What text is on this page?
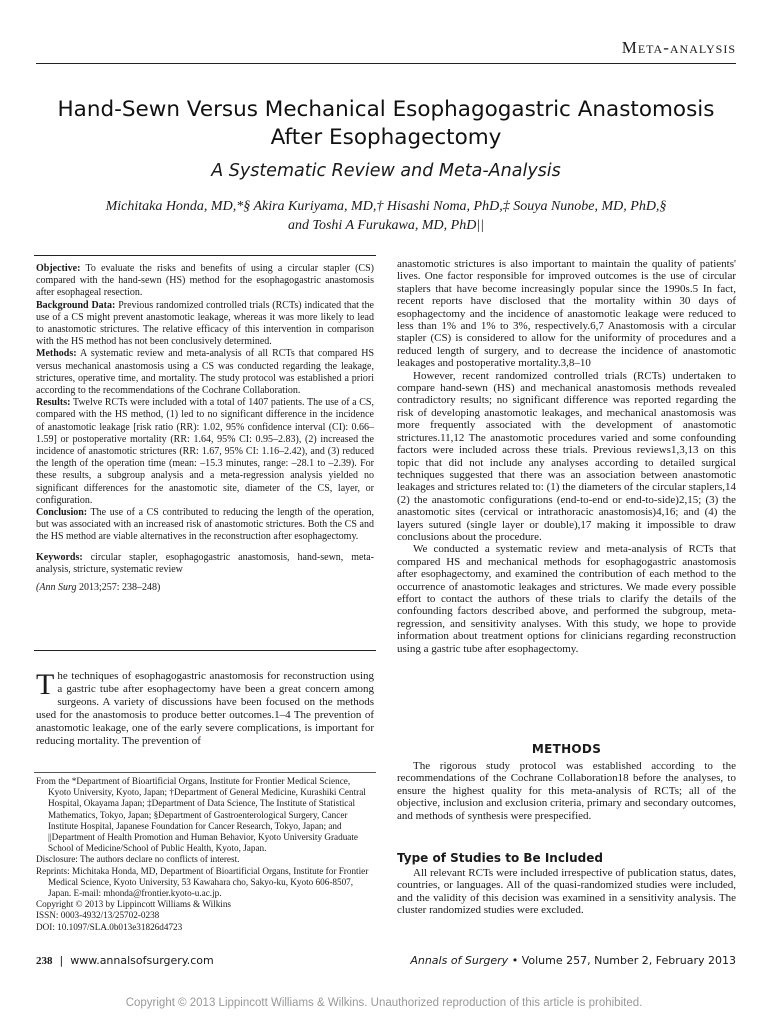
Meta-analysis
Hand-Sewn Versus Mechanical Esophagogastric Anastomosis
After Esophagectomy
A Systematic Review and Meta-Analysis
Michitaka Honda, MD,*§ Akira Kuriyama, MD,† Hisashi Noma, PhD,‡ Souya Nunobe, MD, PhD,§
and Toshi A Furukawa, MD, PhD||

Objective: To evaluate the risks and benefits of using a circular stapler (CS) compared with the hand-sewn (HS) method for the esophagogastric anastomosis after esophageal resection.

Background Data: Previous randomized controlled trials (RCTs) indicated that the use of a CS might prevent anastomotic leakage, whereas it was more likely to lead to anastomotic strictures. The relative efficacy of this intervention in comparison with the HS method has not been conclusively determined.

Methods: A systematic review and meta-analysis of all RCTs that compared HS versus mechanical anastomosis using a CS was conducted regarding the leakage, strictures, operative time, and mortality. The study protocol was established a priori according to the recommendations of the Cochrane Collaboration.

Results: Twelve RCTs were included with a total of 1407 patients. The use of a CS, compared with the HS method, (1) led to no significant difference in the incidence of anastomotic leakage [risk ratio (RR): 1.02, 95% confidence interval (CI): 0.66–1.59] or postoperative mortality (RR: 1.64, 95% CI: 0.95–2.83), (2) increased the incidence of anastomotic strictures (RR: 1.67, 95% CI: 1.16–2.42), and (3) reduced the length of the operation time (mean: –15.3 minutes, range: –28.1 to –2.39). For these results, a subgroup analysis and a meta-regression analysis yielded no significant differences for the anastomotic site, diameter of the CS, layer, or configuration.

Conclusion: The use of a CS contributed to reducing the length of the operation, but was associated with an increased risk of anastomotic strictures. Both the CS and the HS method are viable alternatives in the reconstruction after esophagectomy.

Keywords: circular stapler, esophagogastric anastomosis, hand-sewn, meta-analysis, stricture, systematic review

(Ann Surg 2013;257: 238–248)

The techniques of esophagogastric anastomosis for reconstruction using a gastric tube after esophagectomy have been a great concern among surgeons. A variety of discussions have been focused on the methods used for the anastomosis to produce better outcomes.1–4 The prevention of anastomotic leakage, one of the early severe complications, is important for reducing mortality. The prevention of

From the *Department of Bioartificial Organs, Institute for Frontier Medical Science, Kyoto University, Kyoto, Japan; †Department of General Medicine, Kurashiki Central Hospital, Okayama Japan; ‡Department of Data Science, The Institute of Statistical Mathematics, Tokyo, Japan; §Department of Gastroenterological Surgery, Cancer Institute Hospital, Japanese Foundation for Cancer Research, Tokyo, Japan; and ||Department of Health Promotion and Human Behavior, Kyoto University Graduate School of Medicine/School of Public Health, Kyoto, Japan.

Disclosure: The authors declare no conflicts of interest.

Reprints: Michitaka Honda, MD, Department of Bioartificial Organs, Institute for Frontier Medical Science, Kyoto University, 53 Kawahara cho, Sakyo-ku, Kyoto 606-8507, Japan. E-mail: mhonda@frontier.kyoto-u.ac.jp.

Copyright © 2013 by Lippincott Williams & Wilkins

ISSN: 0003-4932/13/25702-0238

DOI: 10.1097/SLA.0b013e31826d4723

anastomotic strictures is also important to maintain the quality of patients' lives. One factor responsible for improved outcomes is the use of circular staplers that have become increasingly popular since the 1990s.5 In fact, recent reports have disclosed that the mortality within 30 days of esophagectomy and the incidence of anastomotic leakage were reduced to less than 1% and 1% to 3%, respectively.6,7 Anastomosis with a circular stapler (CS) is considered to allow for the uniformity of procedures and a reduced length of surgery, and to decrease the incidence of anastomotic leakages and postoperative mortality.3,8–10

However, recent randomized controlled trials (RCTs) undertaken to compare hand-sewn (HS) and mechanical anastomosis methods revealed contradictory results; no significant difference was reported regarding the risk of developing anastomotic leakages, and mechanical anastomosis was more frequently associated with the development of anastomotic strictures.11,12 The anastomotic procedures varied and some confounding factors were included across these trials. Previous reviews1,3,13 on this topic that did not include any analyses according to detailed surgical techniques suggested that there was an association between anastomotic leakages and strictures related to: (1) the diameters of the circular staplers,14 (2) the anastomotic configurations (end-to-end or end-to-side)2,15; (3) the anastomotic sites (cervical or intrathoracic anastomosis)4,16; and (4) the layers sutured (single layer or double),17 making it impossible to draw conclusions about the procedure.

We conducted a systematic review and meta-analysis of RCTs that compared HS and mechanical methods for esophagogastric anastomosis after esophagectomy, and examined the contribution of each method to the occurrence of anastomotic leakages and strictures. We made every possible effort to contact the authors of these trials to clarify the details of the confounding factors described above, and performed the subgroup, meta-regression, and sensitivity analyses. With this study, we hope to provide information about treatment options for clinicians regarding reconstruction using a gastric tube after esophagectomy.

METHODS

The rigorous study protocol was established according to the recommendations of the Cochrane Collaboration18 before the analyses, to ensure the highest quality for this meta-analysis of RCTs; all of the objective, inclusion and exclusion criteria, primary and secondary outcomes, and methods of synthesis were prespecified.

Type of Studies to Be Included

All relevant RCTs were included irrespective of publication status, dates, countries, or languages. All of the quasi-randomized studies were included, and the validity of this decision was examined in a sensitivity analysis. The cluster randomized studies were excluded.

238 | www.annalsofsurgery.com	Annals of Surgery • Volume 257, Number 2, February 2013
Copyright © 2013 Lippincott Williams & Wilkins. Unauthorized reproduction of this article is prohibited.
